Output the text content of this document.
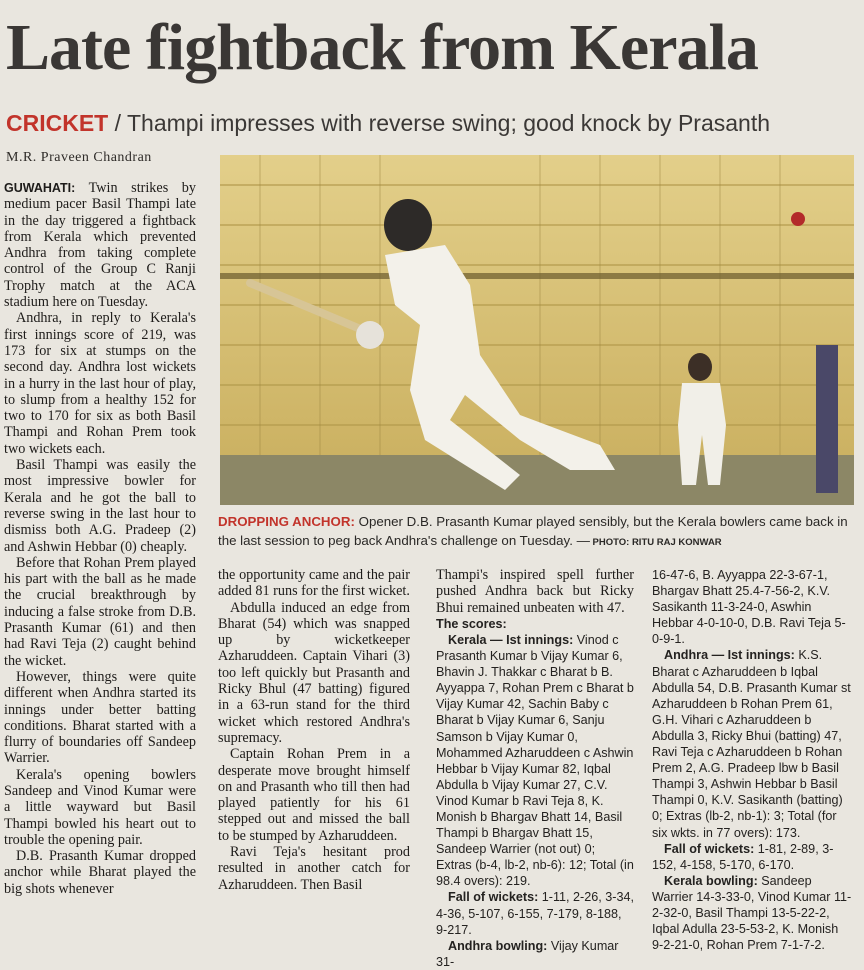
Late fightback from Kerala
CRICKET / Thampi impresses with reverse swing; good knock by Prasanth
M.R. Praveen Chandran
DROPPING ANCHOR: Opener D.B. Prasanth Kumar played sensibly, but the Kerala bowlers came back in the last session to peg back Andhra's challenge on Tuesday. — PHOTO: RITU RAJ KONWAR

GUWAHATI: Twin strikes by medium pacer Basil Thampi late in the day triggered a fightback from Kerala which prevented Andhra from taking complete control of the Group C Ranji Trophy match at the ACA stadium here on Tuesday.

Andhra, in reply to Kerala's first innings score of 219, was 173 for six at stumps on the second day. Andhra lost wickets in a hurry in the last hour of play, to slump from a healthy 152 for two to 170 for six as both Basil Thampi and Rohan Prem took two wickets each.

Basil Thampi was easily the most impressive bowler for Kerala and he got the ball to reverse swing in the last hour to dismiss both A.G. Pradeep (2) and Ashwin Hebbar (0) cheaply.

Before that Rohan Prem played his part with the ball as he made the crucial breakthrough by inducing a false stroke from D.B. Prasanth Kumar (61) and then had Ravi Teja (2) caught behind the wicket.

However, things were quite different when Andhra started its innings under better batting conditions. Bharat started with a flurry of boundaries off Sandeep Warrier.

Kerala's opening bowlers Sandeep and Vinod Kumar were a little wayward but Basil Thampi bowled his heart out to trouble the opening pair.

D.B. Prasanth Kumar dropped anchor while Bharat played the big shots whenever

the opportunity came and the pair added 81 runs for the first wicket.

Abdulla induced an edge from Bharat (54) which was snapped up by wicketkeeper Azharuddeen. Captain Vihari (3) too left quickly but Prasanth and Ricky Bhul (47 batting) figured in a 63-run stand for the third wicket which restored Andhra's supremacy.

Captain Rohan Prem in a desperate move brought himself on and Prasanth who till then had played patiently for his 61 stepped out and missed the ball to be stumped by Azharuddeen.

Ravi Teja's hesitant prod resulted in another catch for Azharuddeen. Then Basil

Thampi's inspired spell further pushed Andhra back but Ricky Bhui remained unbeaten with 47.

The scores:

Kerala — Ist innings: Vinod c Prasanth Kumar b Vijay Kumar 6, Bhavin J. Thakkar c Bharat b B. Ayyappa 7, Rohan Prem c Bharat b Vijay Kumar 42, Sachin Baby c Bharat b Vijay Kumar 6, Sanju Samson b Vijay Kumar 0, Mohammed Azharuddeen c Ashwin Hebbar b Vijay Kumar 82, Iqbal Abdulla b Vijay Kumar 27, C.V. Vinod Kumar b Ravi Teja 8, K. Monish b Bhargav Bhatt 14, Basil Thampi b Bhargav Bhatt 15, Sandeep Warrier (not out) 0; Extras (b-4, lb-2, nb-6): 12; Total (in 98.4 overs): 219.

Fall of wickets: 1-11, 2-26, 3-34, 4-36, 5-107, 6-155, 7-179, 8-188, 9-217.

Andhra bowling: Vijay Kumar 31-

16-47-6, B. Ayyappa 22-3-67-1, Bhargav Bhatt 25.4-7-56-2, K.V. Sasikanth 11-3-24-0, Aswhin Hebbar 4-0-10-0, D.B. Ravi Teja 5-0-9-1.

Andhra — Ist innings: K.S. Bharat c Azharuddeen b Iqbal Abdulla 54, D.B. Prasanth Kumar st Azharuddeen b Rohan Prem 61, G.H. Vihari c Azharuddeen b Abdulla 3, Ricky Bhui (batting) 47, Ravi Teja c Azharuddeen b Rohan Prem 2, A.G. Pradeep lbw b Basil Thampi 3, Ashwin Hebbar b Basil Thampi 0, K.V. Sasikanth (batting) 0; Extras (lb-2, nb-1): 3; Total (for six wkts. in 77 overs): 173.

Fall of wickets: 1-81, 2-89, 3-152, 4-158, 5-170, 6-170.

Kerala bowling: Sandeep Warrier 14-3-33-0, Vinod Kumar 11-2-32-0, Basil Thampi 13-5-22-2, Iqbal Adulla 23-5-53-2, K. Monish 9-2-21-0, Rohan Prem 7-1-7-2.
